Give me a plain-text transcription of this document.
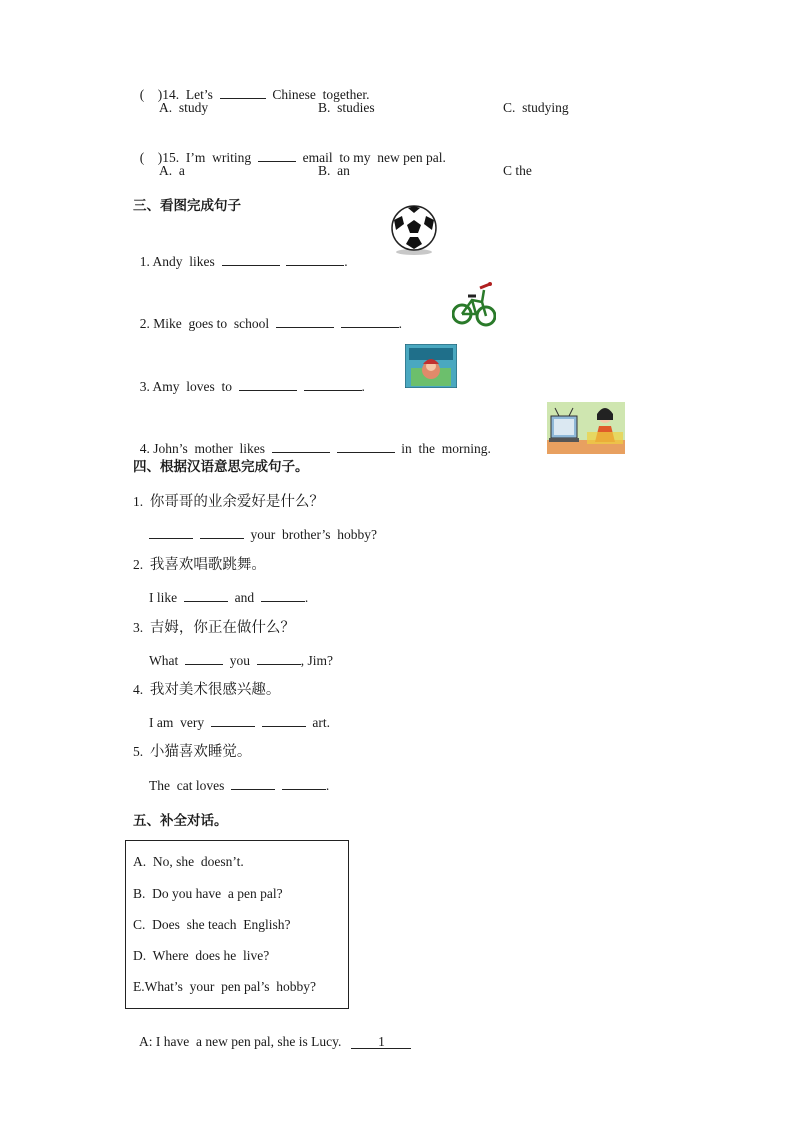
(    )14. Let’s	Chinese  together.

A.  study	B.  studies	C.  studying

(    )15. I’m  writing	email  to my  new pen pal.

A.  a	B.  an	C the
三、看图完成句子

1. Andy  likes	.

2. Mike  goes to  school	.

3. Amy  loves  to	.

4. John’s  mother  likes	in  the  morning.

四、根据汉语意思完成句子。
1. 你哥哥的业余爱好是什么？
your  brother’s  hobby?
2. 我喜欢唱歌跳舞。
I like	and	.
3. 吉姆，你正在做什么？
What	you	, Jim?
4. 我对美术很感兴趣。
I am  very	art.
5. 小猫喜欢睡觉。
The  cat loves	.
五、补全对话。
A.  No, she  doesn’t.
B.  Do you have  a pen pal?
C.  Does  she teach  English?
D.  Where  does he  live?
E.What’s  your  pen pal’s  hobby?

A: I have  a new pen pal, she is Lucy.	1
